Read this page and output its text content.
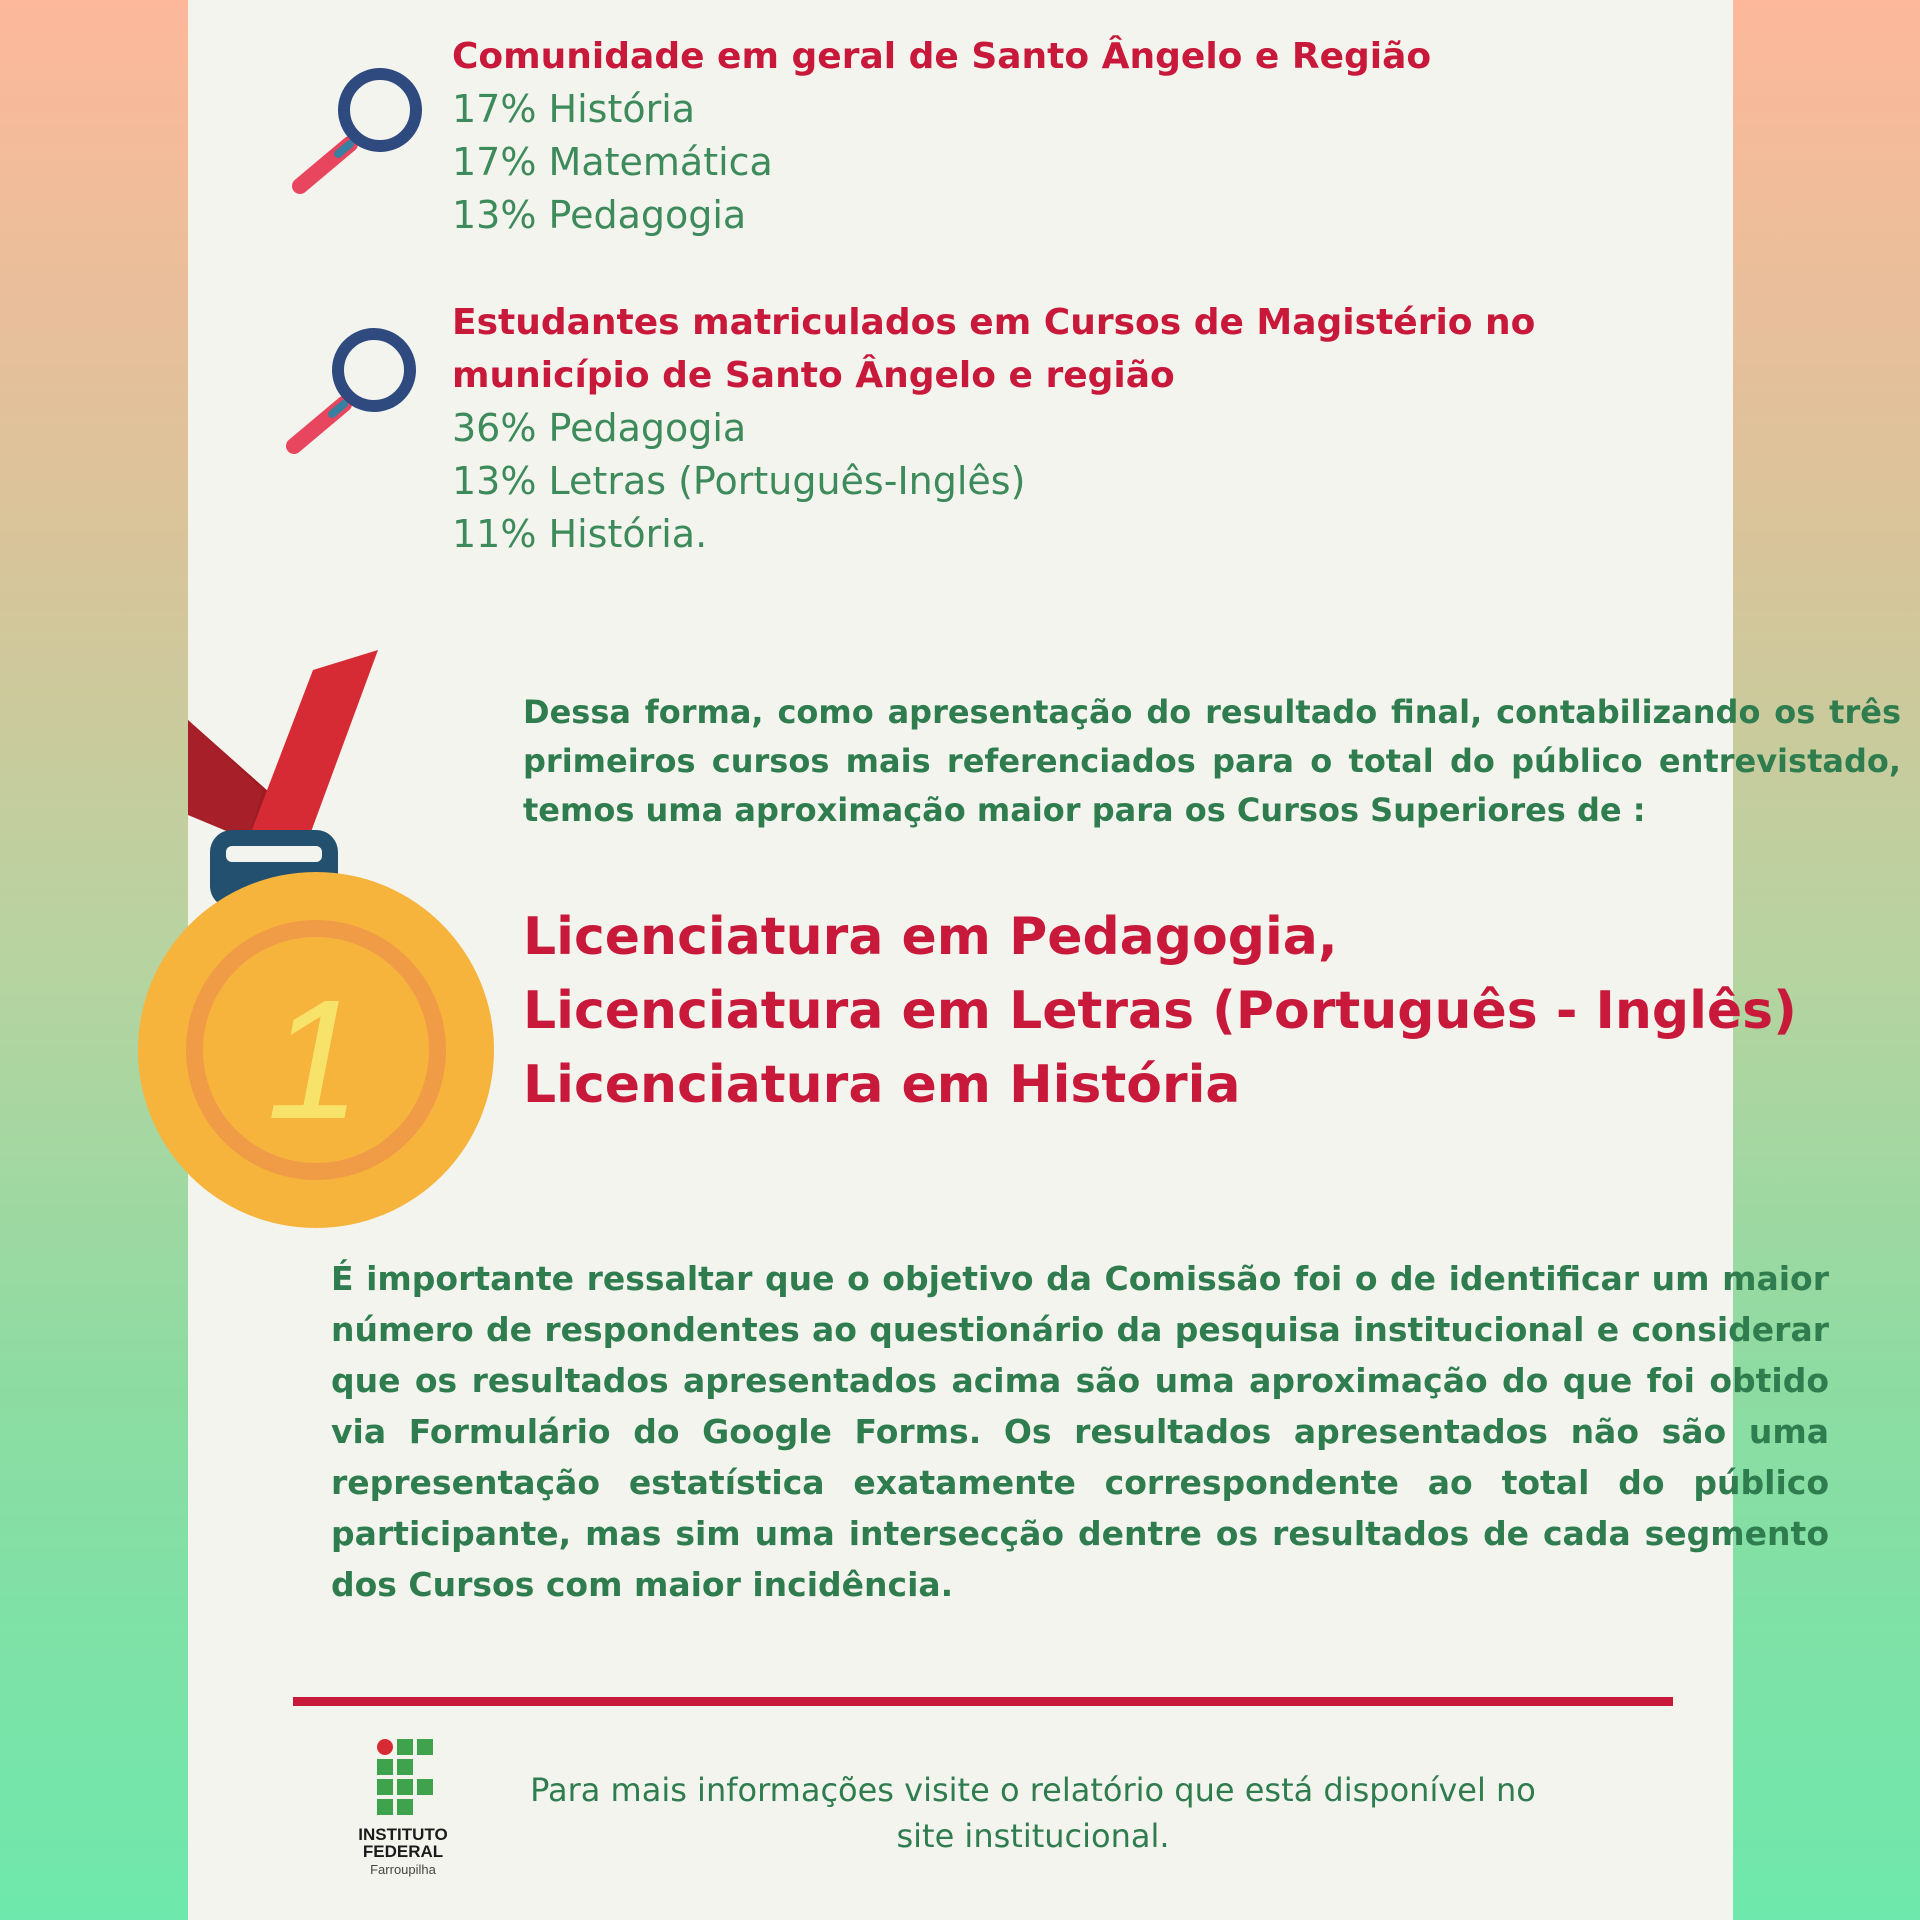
Comunidade em geral de Santo Ângelo e Região
17% História
17% Matemática
13% Pedagogia
Estudantes matriculados em Cursos de Magistério no
município de Santo Ângelo e região
36% Pedagogia
13% Letras (Português-Inglês)
11% História.
1
Dessa forma, como apresentação do resultado final, contabilizando os três primeiros cursos mais referenciados para o total do público entrevistado, temos uma aproximação maior para os Cursos Superiores de :
Licenciatura em Pedagogia,
Licenciatura em Letras (Português - Inglês)
Licenciatura em História
É importante ressaltar que o objetivo da Comissão foi o de identificar um maior número de respondentes ao questionário da pesquisa institucional e considerar que os resultados apresentados acima são uma aproximação do que foi obtido via Formulário do Google Forms. Os resultados apresentados não são uma representação estatística exatamente correspondente ao total do público participante, mas sim uma intersecção dentre os resultados de cada segmento dos Cursos com maior incidência.
INSTITUTO
FEDERAL
Farroupilha
Para mais informações visite o relatório que está disponível no site institucional.
